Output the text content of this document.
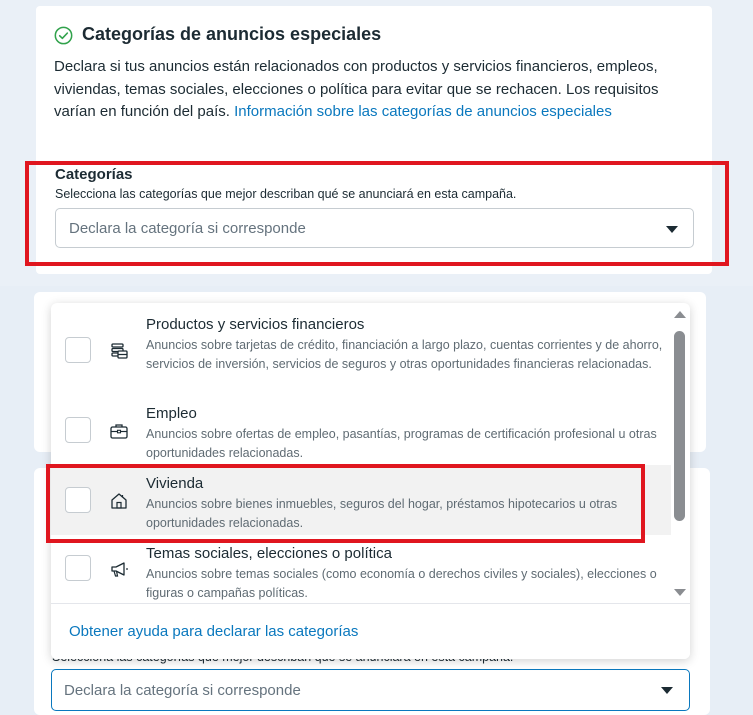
Categorías de anuncios especiales
Declara si tus anuncios están relacionados con productos y servicios financieros, empleos, viviendas, temas sociales, elecciones o política para evitar que se rechacen. Los requisitos varían en función del país. Información sobre las categorías de anuncios especiales
Categorías
Selecciona las categorías que mejor describan qué se anunciará en esta campaña.
Declara la categoría si corresponde
Declara la categoría si corresponde
Productos y servicios financieros
Anuncios sobre tarjetas de crédito, financiación a largo plazo, cuentas corrientes y de ahorro, servicios de inversión, servicios de seguros y otras oportunidades financieras relacionadas.
Empleo
Anuncios sobre ofertas de empleo, pasantías, programas de certificación profesional u otras oportunidades relacionadas.
Vivienda
Anuncios sobre bienes inmuebles, seguros del hogar, préstamos hipotecarios u otras oportunidades relacionadas.
Temas sociales, elecciones o política
Anuncios sobre temas sociales (como economía o derechos civiles y sociales), elecciones o figuras o campañas políticas.
Obtener ayuda para declarar las categorías
